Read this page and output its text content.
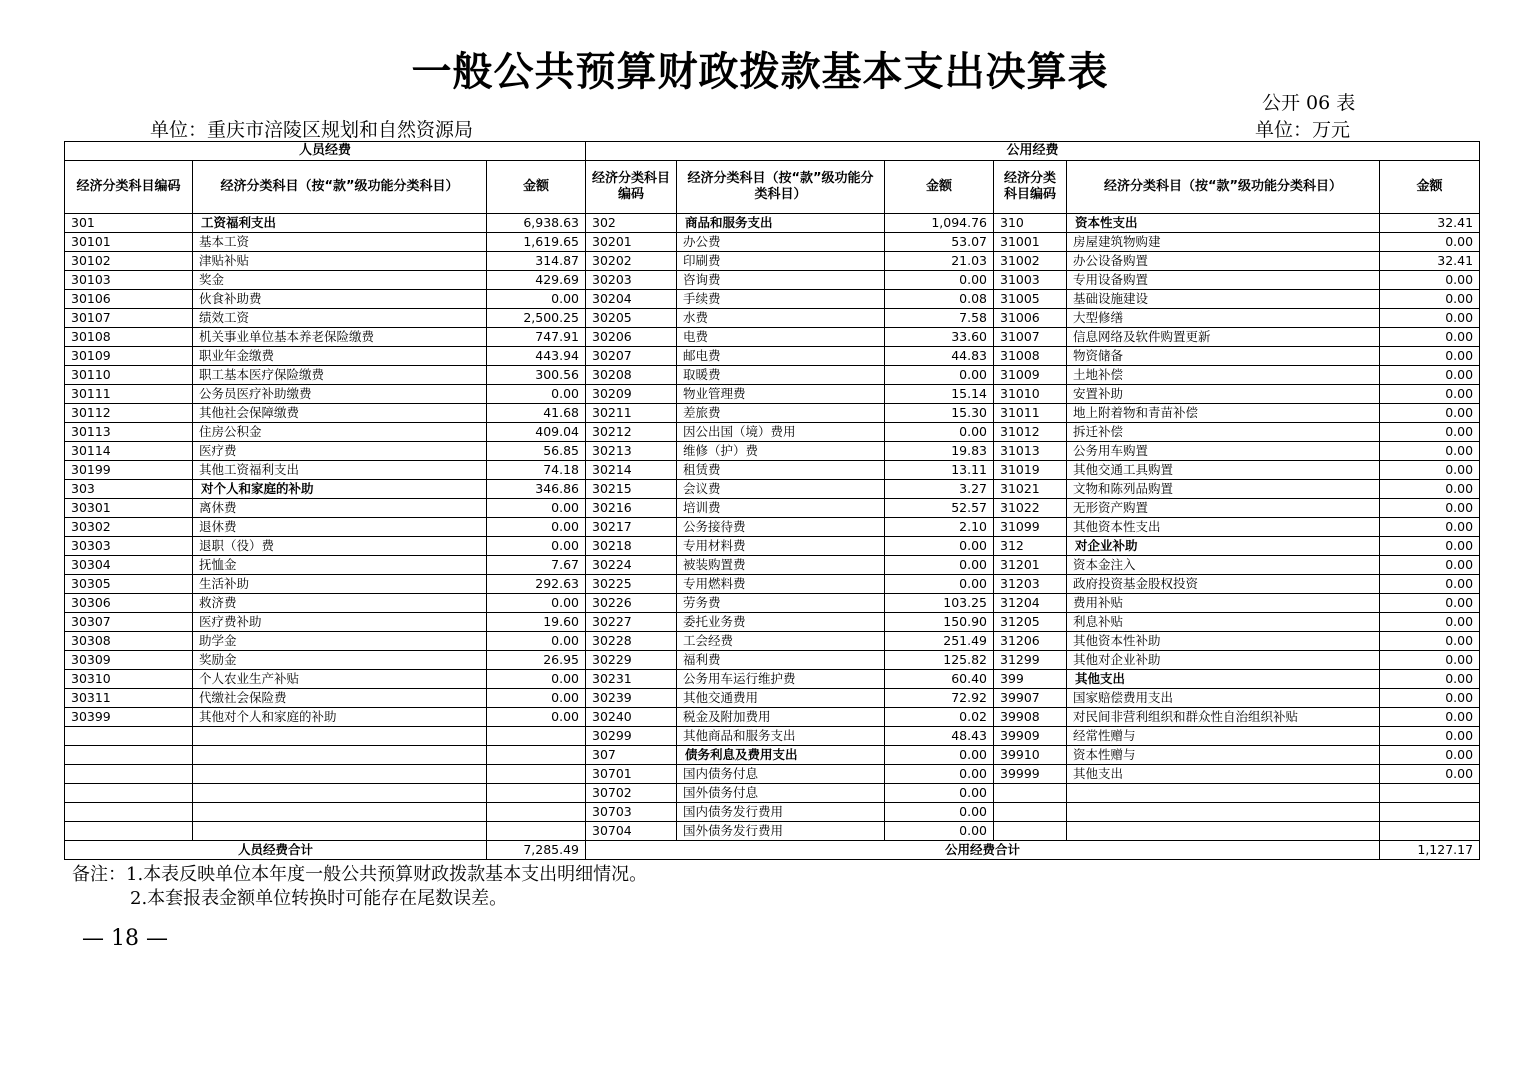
一般公共预算财政拨款基本支出决算表
公开 06 表
单位：重庆市涪陵区规划和自然资源局	单位：万元
人员经费			公用经费					
经济分类科目编码	经济分类科目（按“款”级功能分类科目）	金额	经济分类科目编码	经济分类科目（按“款”级功能分类科目）	金额	经济分类科目编码	经济分类科目（按“款”级功能分类科目）	金额
301	工资福利支出	6,938.63	302	商品和服务支出	1,094.76	310	资本性支出	32.41
30101	基本工资	1,619.65	30201	办公费	53.07	31001	房屋建筑物购建	0.00
30102	津贴补贴	314.87	30202	印刷费	21.03	31002	办公设备购置	32.41
30103	奖金	429.69	30203	咨询费	0.00	31003	专用设备购置	0.00
30106	伙食补助费	0.00	30204	手续费	0.08	31005	基础设施建设	0.00
30107	绩效工资	2,500.25	30205	水费	7.58	31006	大型修缮	0.00
30108	机关事业单位基本养老保险缴费	747.91	30206	电费	33.60	31007	信息网络及软件购置更新	0.00
30109	职业年金缴费	443.94	30207	邮电费	44.83	31008	物资储备	0.00
30110	职工基本医疗保险缴费	300.56	30208	取暖费	0.00	31009	土地补偿	0.00
30111	公务员医疗补助缴费	0.00	30209	物业管理费	15.14	31010	安置补助	0.00
30112	其他社会保障缴费	41.68	30211	差旅费	15.30	31011	地上附着物和青苗补偿	0.00
30113	住房公积金	409.04	30212	因公出国（境）费用	0.00	31012	拆迁补偿	0.00
30114	医疗费	56.85	30213	维修（护）费	19.83	31013	公务用车购置	0.00
30199	其他工资福利支出	74.18	30214	租赁费	13.11	31019	其他交通工具购置	0.00
303	对个人和家庭的补助	346.86	30215	会议费	3.27	31021	文物和陈列品购置	0.00
30301	离休费	0.00	30216	培训费	52.57	31022	无形资产购置	0.00
30302	退休费	0.00	30217	公务接待费	2.10	31099	其他资本性支出	0.00
30303	退职（役）费	0.00	30218	专用材料费	0.00	312	对企业补助	0.00
30304	抚恤金	7.67	30224	被装购置费	0.00	31201	资本金注入	0.00
30305	生活补助	292.63	30225	专用燃料费	0.00	31203	政府投资基金股权投资	0.00
30306	救济费	0.00	30226	劳务费	103.25	31204	费用补贴	0.00
30307	医疗费补助	19.60	30227	委托业务费	150.90	31205	利息补贴	0.00
30308	助学金	0.00	30228	工会经费	251.49	31206	其他资本性补助	0.00
30309	奖励金	26.95	30229	福利费	125.82	31299	其他对企业补助	0.00
30310	个人农业生产补贴	0.00	30231	公务用车运行维护费	60.40	399	其他支出	0.00
30311	代缴社会保险费	0.00	30239	其他交通费用	72.92	39907	国家赔偿费用支出	0.00
30399	其他对个人和家庭的补助	0.00	30240	税金及附加费用	0.02	39908	对民间非营利组织和群众性自治组织补贴	0.00
			30299	其他商品和服务支出	48.43	39909	经常性赠与	0.00
			307	债务利息及费用支出	0.00	39910	资本性赠与	0.00
			30701	国内债务付息	0.00	39999	其他支出	0.00
			30702	国外债务付息	0.00			
			30703	国内债务发行费用	0.00			
			30704	国外债务发行费用	0.00			
人员经费合计		7,285.49	公用经费合计					1,127.17
备注：1.本表反映单位本年度一般公共预算财政拨款基本支出明细情况。
2.本套报表金额单位转换时可能存在尾数误差。
— 18 —
